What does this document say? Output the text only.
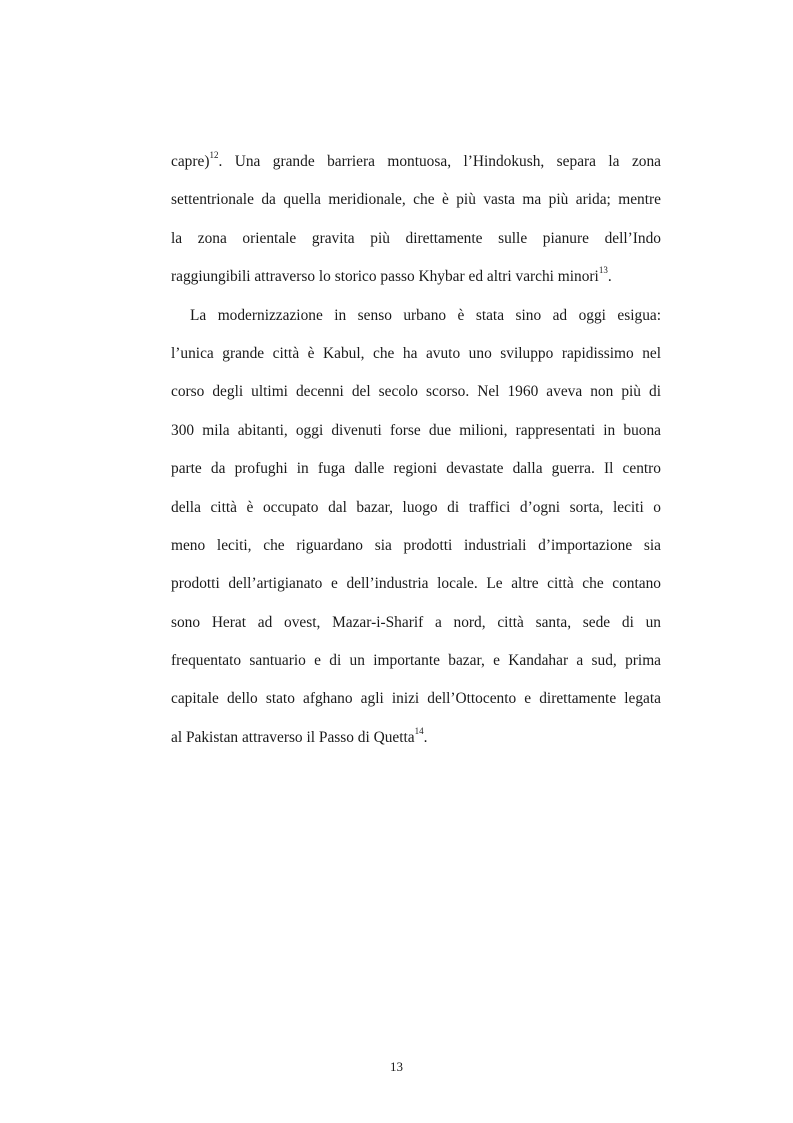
capre)$^{12}$. Una grande barriera montuosa, l’Hindokush, separa la zona
settentrionale da quella meridionale, che è più vasta ma più arida; mentre
la zona orientale gravita più direttamente sulle pianure dell’Indo
raggiungibili attraverso lo storico passo Khybar ed altri varchi minori$^{13}$.
La modernizzazione in senso urbano è stata sino ad oggi esigua:
l’unica grande città è Kabul, che ha avuto uno sviluppo rapidissimo nel
corso degli ultimi decenni del secolo scorso. Nel 1960 aveva non più di
300 mila abitanti, oggi divenuti forse due milioni, rappresentati in buona
parte da profughi in fuga dalle regioni devastate dalla guerra. Il centro
della città è occupato dal bazar, luogo di traffici d’ogni sorta, leciti o
meno leciti, che riguardano sia prodotti industriali d’importazione sia
prodotti dell’artigianato e dell’industria locale. Le altre città che contano
sono Herat ad ovest, Mazar-i-Sharif a nord, città santa, sede di un
frequentato santuario e di un importante bazar, e Kandahar a sud, prima
capitale dello stato afghano agli inizi dell’Ottocento e direttamente legata
al Pakistan attraverso il Passo di Quetta$^{14}$.
13
